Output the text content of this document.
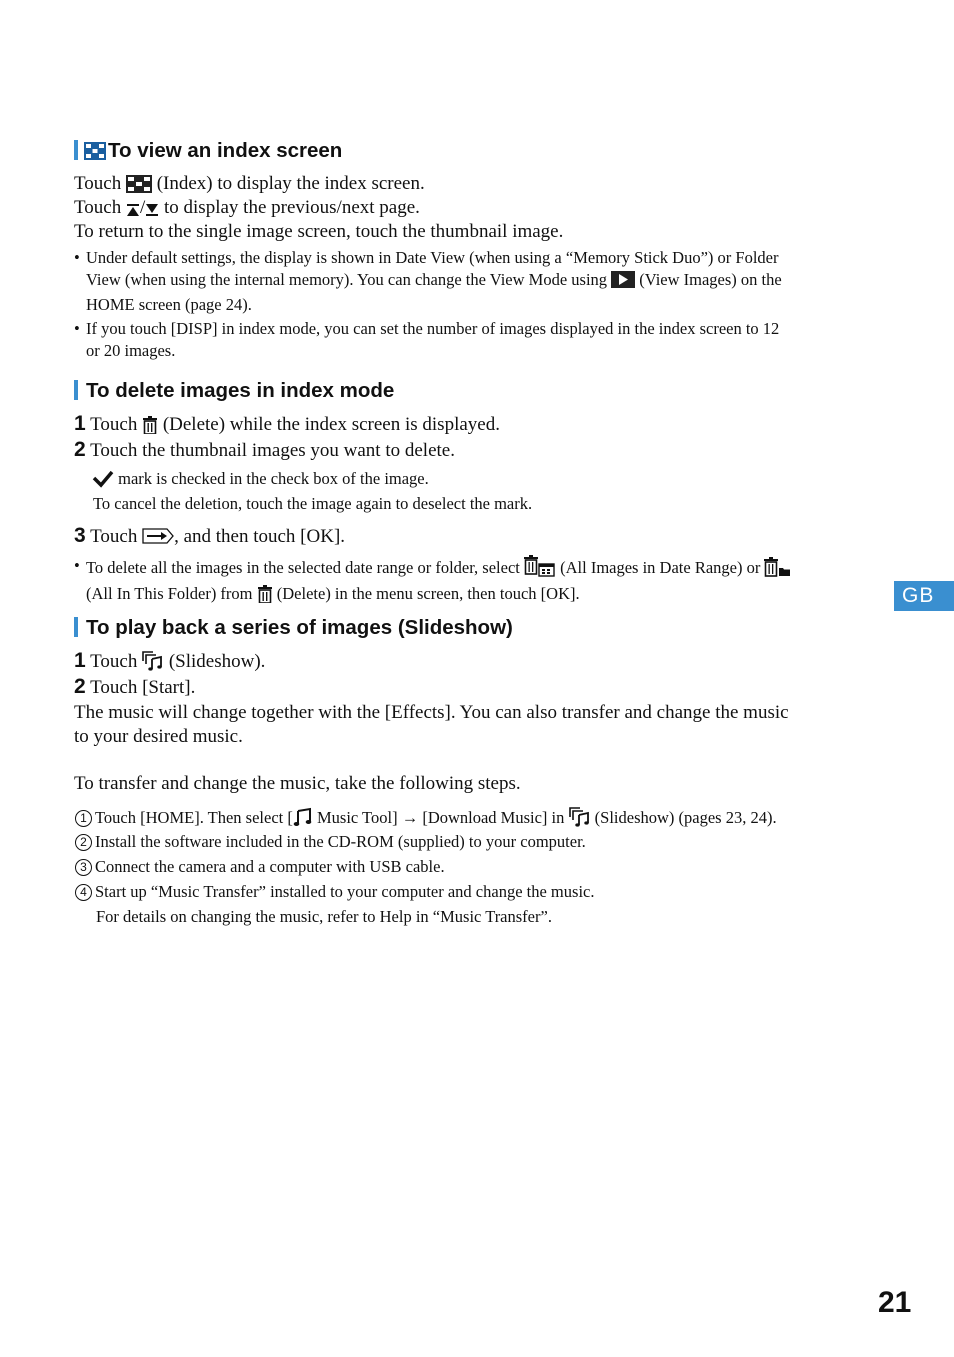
To view an index screen
Touch (Index) to display the index screen.
Touch / to display the previous/next page.
To return to the single image screen, touch the thumbnail image.
• Under default settings, the display is shown in Date View (when using a “Memory Stick Duo”) or Folder
View (when using the internal memory). You can change the View Mode using (View Images) on the
HOME screen (page 24).
• If you touch [DISP] in index mode, you can set the number of images displayed in the index screen to 12
or 20 images.
To delete images in index mode
1 Touch (Delete) while the index screen is displayed.
2 Touch the thumbnail images you want to delete.
mark is checked in the check box of the image.
To cancel the deletion, touch the image again to deselect the mark.
3 Touch , and then touch [OK].
• To delete all the images in the selected date range or folder, select (All Images in Date Range) or
(All In This Folder) from (Delete) in the menu screen, then touch [OK].
To play back a series of images (Slideshow)
1 Touch (Slideshow).
2 Touch [Start].
The music will change together with the [Effects]. You can also transfer and change the music
to your desired music.
To transfer and change the music, take the following steps.
1 Touch [HOME]. Then select [ Music Tool] → [Download Music] in (Slideshow) (pages 23, 24).
2 Install the software included in the CD-ROM (supplied) to your computer.
3 Connect the camera and a computer with USB cable.
4 Start up “Music Transfer” installed to your computer and change the music.
For details on changing the music, refer to Help in “Music Transfer”.
GB
21
